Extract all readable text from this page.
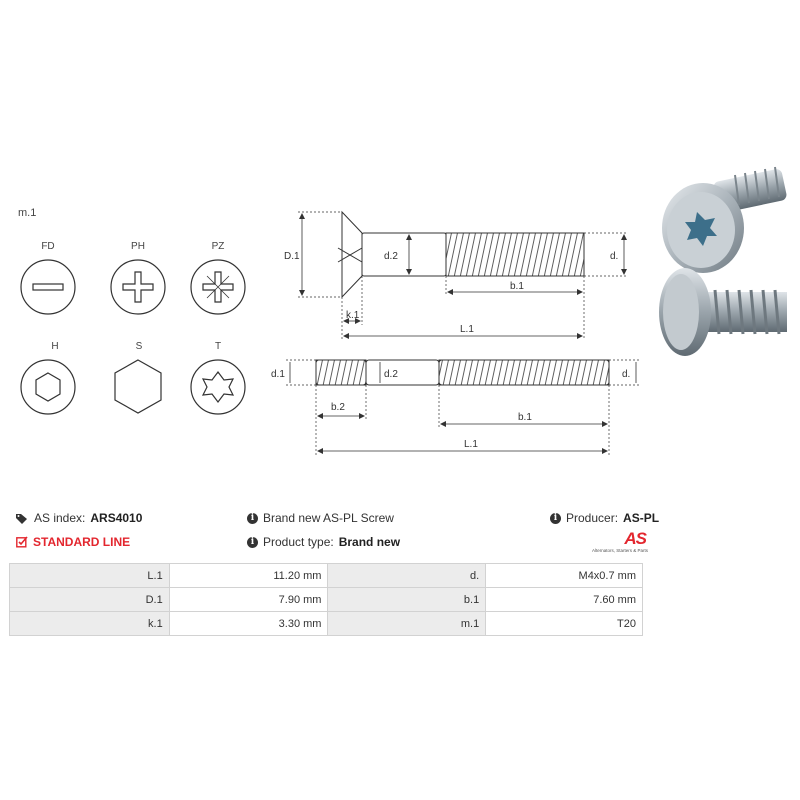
m.1
FD	PH	PZ
H	S	T
D.1	d.2	d.
b.1
k.1
L.1
d.1	d.2	d.
b.2
b.1
L.1
AS index: ARS4010
STANDARD LINE
i Brand new AS-PL Screw
i Product type: Brand new
i Producer: AS-PL
AS
Alternators, Starters & Parts
L.1	11.20 mm	d.	M4x0.7 mm
D.1	7.90 mm	b.1	7.60 mm
k.1	3.30 mm	m.1	T20
